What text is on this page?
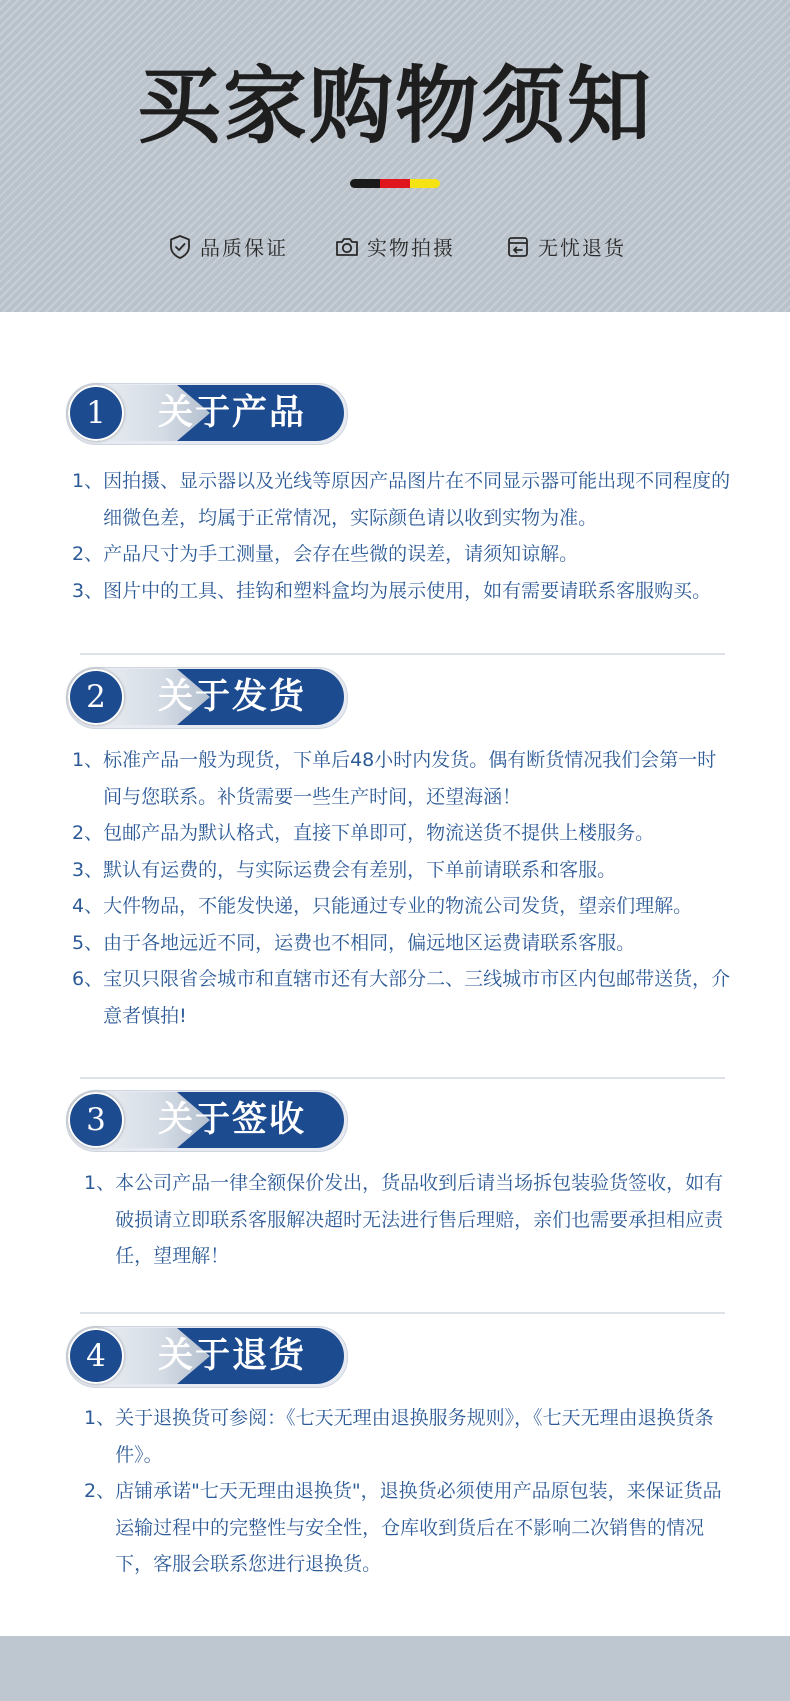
买家购物须知
品质保证	实物拍摄	无忧退货
1	关于产品
1、 因拍摄、显示器以及光线等原因产品图片在不同显示器可能出现不同程度的细微色差，均属于正常情况，实际颜色请以收到实物为准。
2、 产品尺寸为手工测量，会存在些微的误差，请须知谅解。
3、 图片中的工具、挂钩和塑料盒均为展示使用，如有需要请联系客服购买。
2	关于发货
1、 标准产品一般为现货，下单后48小时内发货。偶有断货情况我们会第一时间与您联系。补货需要一些生产时间，还望海涵！
2、 包邮产品为默认格式，直接下单即可，物流送货不提供上楼服务。
3、 默认有运费的，与实际运费会有差别，下单前请联系和客服。
4、 大件物品，不能发快递，只能通过专业的物流公司发货，望亲们理解。
5、 由于各地远近不同，运费也不相同，偏远地区运费请联系客服。
6、 宝贝只限省会城市和直辖市还有大部分二、三线城市市区内包邮带送货，介意者慎拍!
3	关于签收
1、 本公司产品一律全额保价发出，货品收到后请当场拆包装验货签收，如有破损请立即联系客服解决超时无法进行售后理赔，亲们也需要承担相应责任，望理解！
4	关于退货
1、 关于退换货可参阅：《七天无理由退换服务规则》，《七天无理由退换货条件》。
2、 店铺承诺"七天无理由退换货"，退换货必须使用产品原包装，来保证货品运输过程中的完整性与安全性，仓库收到货后在不影响二次销售的情况下，客服会联系您进行退换货。
